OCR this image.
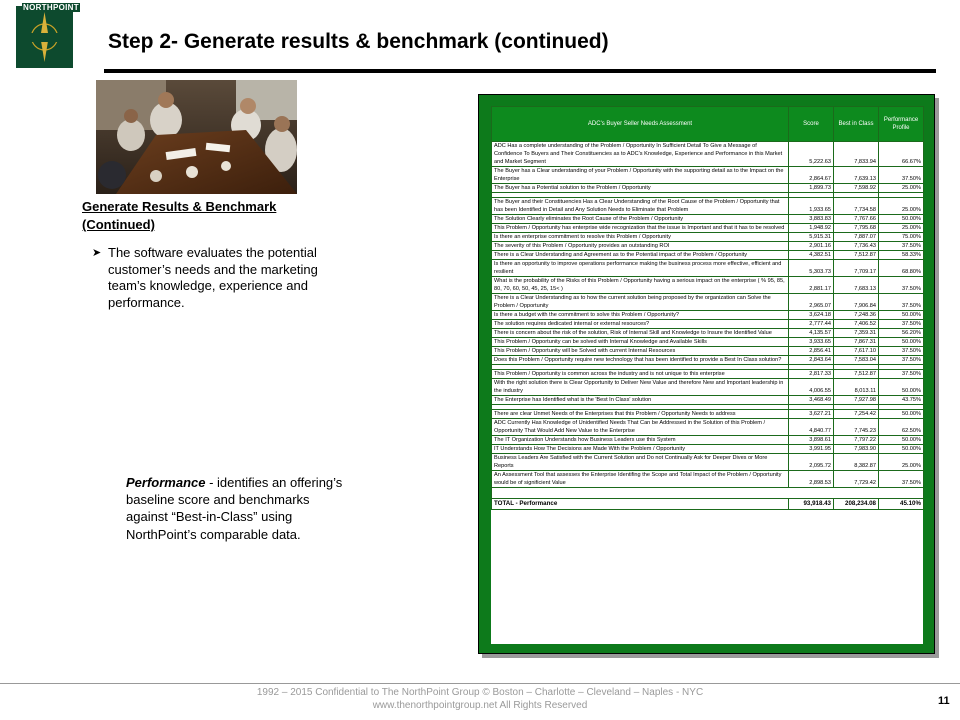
NORTHPOINT
Step 2- Generate results & benchmark (continued)
Generate Results & Benchmark (Continued)
➤ The software evaluates the potential customer’s needs and the marketing team’s knowledge, experience and performance.
Performance - identifies an offering’s baseline score and benchmarks against “Best-in-Class” using NorthPoint’s comparable data.
ADC's Buyer Seller Needs Assessment	Score	Best in Class	Performance Profile
ADC Has a complete understanding of the Problem / Opportunity In Sufficient Detail To Give a Message of Confidence To Buyers and Their Constituencies as to ADC's Knowledge, Experience and Performance in this Market and Market Segment	5,222.63	7,833.94	66.67%
The Buyer has a Clear understanding of your Problem / Opportunity with the supporting detail as to the Impact on the Enterprise	2,864.67	7,639.13	37.50%
The Buyer has a Potential solution to the Problem / Opportunity	1,899.73	7,598.92	25.00%

The Buyer and their Constituencies Has a Clear Understanding of the Root Cause of the Problem / Opportunity that has been Identified in Detail and Any Solution Needs to Eliminate that Problem	1,933.65	7,734.58	25.00%
The Solution Clearly eliminates the Root Cause of the Problem / Opportunity	3,883.83	7,767.66	50.00%
This Problem / Opportunity has enterprise wide recognization that the issue is Important and that it has to be resolved	1,948.92	7,795.68	25.00%
Is there an enterprise commitment to resolve this Problem / Opportunity	5,915.31	7,887.07	75.00%
The severity of this Problem / Opportunity provides an outstanding ROI	2,901.16	7,736.43	37.50%
There is a Clear Understanding and Agreement as to the Potential impact of the Problem / Opportunity	4,382.51	7,512.87	58.33%
Is there an opportunity to improve operations performance making the business process more effective, efficient and resilient	5,303.73	7,709.17	68.80%
What is the probability of the Risks of this Problem / Opportunity having a serious impact on the enterprise ( % 95, 85, 80, 70, 60, 50, 45, 25, 15< )	2,881.17	7,683.13	37.50%
There is a Clear Understanding as to how the current solution being proposed by the organization can Solve the Problem / Opportunity	2,965.07	7,906.84	37.50%
Is there a budget with the commitment to solve this Problem / Opportunity?	3,624.18	7,248.36	50.00%
The solution requires dedicated internal or external resources?	2,777.44	7,406.52	37.50%
There is concern about the risk of the solution, Risk of Internal Skill and Knowledge to Insure the Identified Value	4,135.57	7,359.31	56.20%
This Problem / Opportunity can be solved with Internal Knowledge and Available Skills	3,933.65	7,867.31	50.00%
This Problem / Opportunity will be Solved with current Internal Resources	2,856.41	7,617.10	37.50%
Does this Problem / Opportunity require new technology that has been identified to provide a Best In Class solution?	2,843.64	7,583.04	37.50%

This Problem / Opportunity is common across the industry and is not unique to this enterprise	2,817.33	7,512.87	37.50%
With the right solution there is Clear Opportunity to Deliver New Value and therefore New and Important leadership in the industry	4,006.55	8,013.11	50.00%
The Enterprise has Identified what is the 'Best In Class' solution	3,468.49	7,927.98	43.75%

There are clear Unmet Needs of the Enterprises that this Problem / Opportunity Needs to address	3,627.21	7,254.42	50.00%
ADC Currently Has Knowledge of Unidentified Needs That Can be Addressed in the Solution of this Problem / Opportunity That Would Add New Value to the Enterprise	4,840.77	7,745.23	62.50%
The IT Organization Understands how Business Leaders use this System	3,898.61	7,797.22	50.00%
IT Understands How The Decisions are Made With the Problem / Opportunity	3,991.95	7,983.90	50.00%
Business Leaders Are Satisfied with the Current Solution and Do not Continually Ask for Deeper Dives or More Reports	2,095.72	8,382.87	25.00%
An Assessment Tool that assesses the Enterprise Identifing the Scope and Total Impact of the Problem / Opportunity would be of significient Value	2,898.53	7,729.42	37.50%

TOTAL - Performance	93,918.43	208,234.08	45.10%
1992 – 2015 Confidential to The NorthPoint Group © Boston – Charlotte – Cleveland – Naples - NYC
www.thenorthpointgroup.net All Rights Reserved	11
